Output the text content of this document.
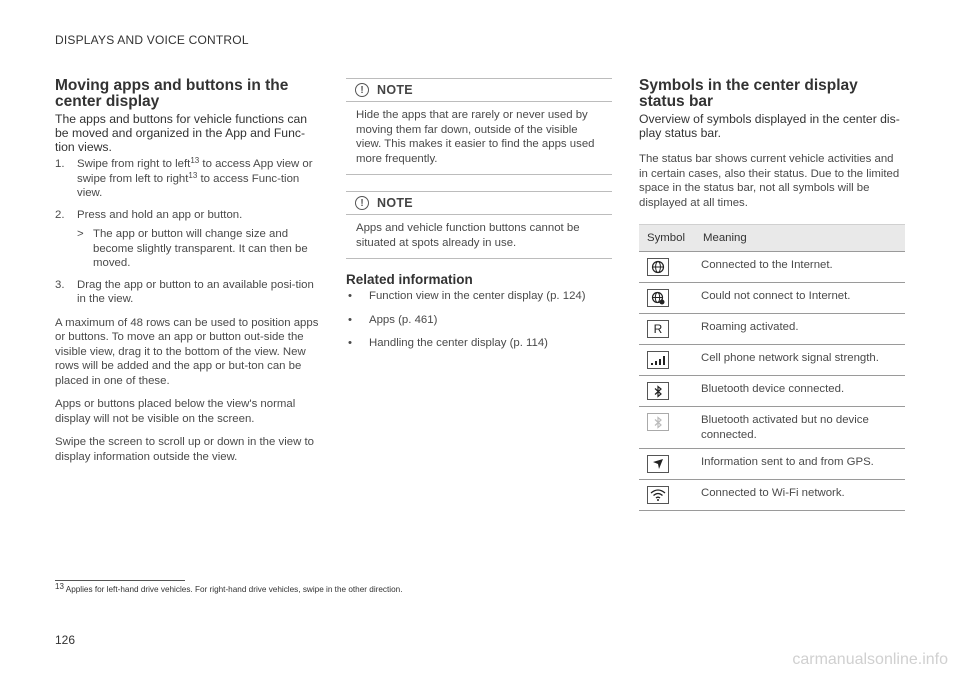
DISPLAYS AND VOICE CONTROL
Moving apps and buttons in the center display

The apps and buttons for vehicle functions can be moved and organized in the App and Func-tion views.

1. Swipe from right to left$^{13}$ to access App view or swipe from left to right$^{13}$ to access Func-tion view.
2. Press and hold an app or button.
> The app or button will change size and become slightly transparent. It can then be moved.
3. Drag the app or button to an available posi-tion in the view.

A maximum of 48 rows can be used to position apps or buttons. To move an app or button out-side the visible view, drag it to the bottom of the view. New rows will be added and the app or but-ton can be placed in one of these.

Apps or buttons placed below the view's normal display will not be visible on the screen.

Swipe the screen to scroll up or down in the view to display information outside the view.

!	NOTE
Hide the apps that are rarely or never used by moving them far down, outside of the visible view. This makes it easier to find the apps used more frequently.
!	NOTE
Apps and vehicle function buttons cannot be situated at spots already in use.
Related information
• Function view in the center display (p. 124)
• Apps (p. 461)
• Handling the center display (p. 114)
Symbols in the center display status bar

Overview of symbols displayed in the center dis-play status bar.

The status bar shows current vehicle activities and in certain cases, also their status. Due to the limited space in the status bar, not all symbols will be displayed at all times.

Symbol	Meaning

	Connected to the Internet.

	Could not connect to Internet.

R	Roaming activated.

	Cell phone network signal strength.

	Bluetooth device connected.

	Bluetooth activated but no device connected.

	Information sent to and from GPS.

	Connected to Wi-Fi network.
$^{13}$ Applies for left-hand drive vehicles. For right-hand drive vehicles, swipe in the other direction.
126
carmanualsonline.info
